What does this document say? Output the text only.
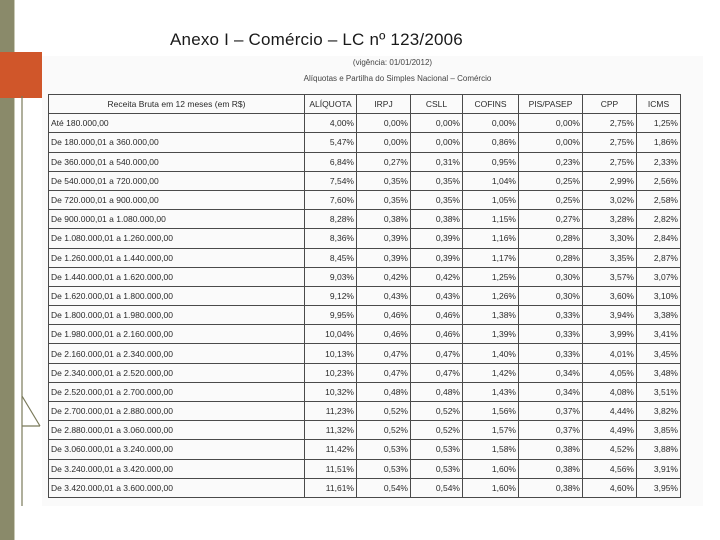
Anexo I – Comércio – LC nº 123/2006
(vigência: 01/01/2012)
Alíquotas e Partilha do Simples Nacional – Comércio
Receita Bruta em 12 meses (em R$)	ALÍQUOTA	IRPJ	CSLL	COFINS	PIS/PASEP	CPP	ICMS
Até 180.000,00	4,00%	0,00%	0,00%	0,00%	0,00%	2,75%	1,25%
De 180.000,01 a 360.000,00	5,47%	0,00%	0,00%	0,86%	0,00%	2,75%	1,86%
De 360.000,01 a 540.000,00	6,84%	0,27%	0,31%	0,95%	0,23%	2,75%	2,33%
De 540.000,01 a 720.000,00	7,54%	0,35%	0,35%	1,04%	0,25%	2,99%	2,56%
De 720.000,01 a 900.000,00	7,60%	0,35%	0,35%	1,05%	0,25%	3,02%	2,58%
De 900.000,01 a 1.080.000,00	8,28%	0,38%	0,38%	1,15%	0,27%	3,28%	2,82%
De 1.080.000,01 a 1.260.000,00	8,36%	0,39%	0,39%	1,16%	0,28%	3,30%	2,84%
De 1.260.000,01 a 1.440.000,00	8,45%	0,39%	0,39%	1,17%	0,28%	3,35%	2,87%
De 1.440.000,01 a 1.620.000,00	9,03%	0,42%	0,42%	1,25%	0,30%	3,57%	3,07%
De 1.620.000,01 a 1.800.000,00	9,12%	0,43%	0,43%	1,26%	0,30%	3,60%	3,10%
De 1.800.000,01 a 1.980.000,00	9,95%	0,46%	0,46%	1,38%	0,33%	3,94%	3,38%
De 1.980.000,01 a 2.160.000,00	10,04%	0,46%	0,46%	1,39%	0,33%	3,99%	3,41%
De 2.160.000,01 a 2.340.000,00	10,13%	0,47%	0,47%	1,40%	0,33%	4,01%	3,45%
De 2.340.000,01 a 2.520.000,00	10,23%	0,47%	0,47%	1,42%	0,34%	4,05%	3,48%
De 2.520.000,01 a 2.700.000,00	10,32%	0,48%	0,48%	1,43%	0,34%	4,08%	3,51%
De 2.700.000,01 a 2.880.000,00	11,23%	0,52%	0,52%	1,56%	0,37%	4,44%	3,82%
De 2.880.000,01 a 3.060.000,00	11,32%	0,52%	0,52%	1,57%	0,37%	4,49%	3,85%
De 3.060.000,01 a 3.240.000,00	11,42%	0,53%	0,53%	1,58%	0,38%	4,52%	3,88%
De 3.240.000,01 a 3.420.000,00	11,51%	0,53%	0,53%	1,60%	0,38%	4,56%	3,91%
De 3.420.000,01 a 3.600.000,00	11,61%	0,54%	0,54%	1,60%	0,38%	4,60%	3,95%
